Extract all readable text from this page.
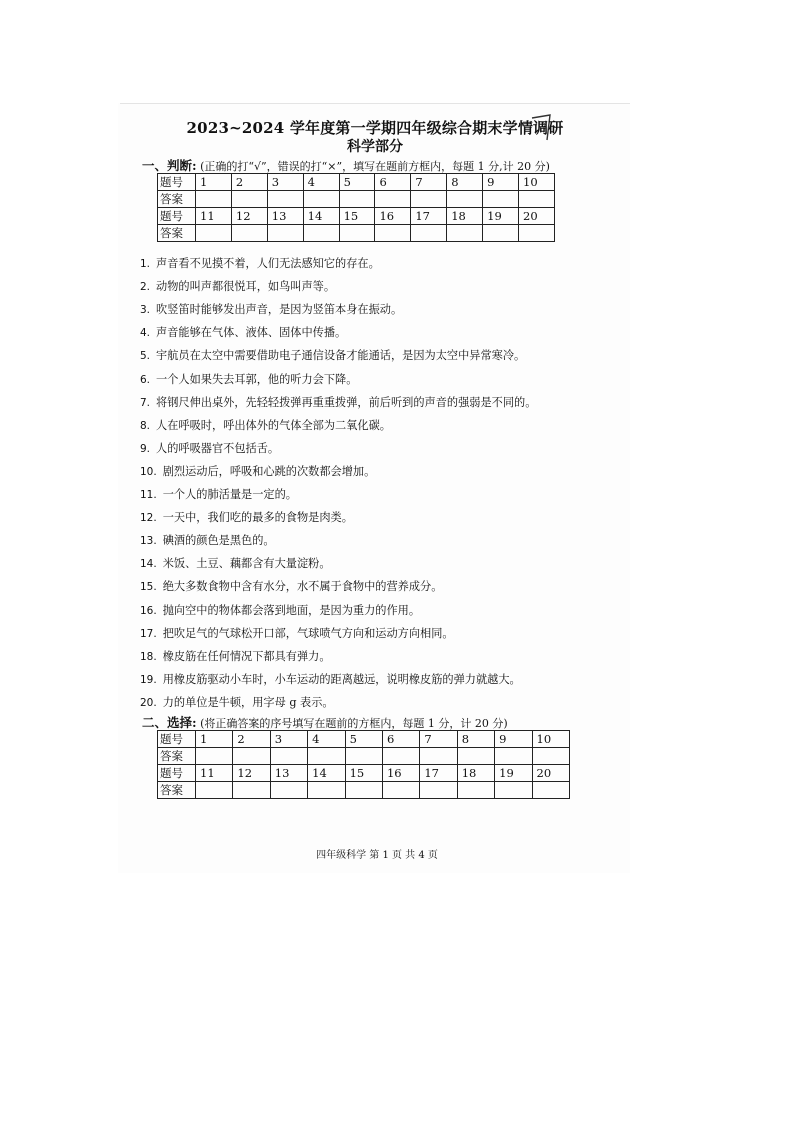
2023~2024 学年度第一学期四年级综合期末学情调研
科学部分
一、判断: (正确的打“√”，错误的打“×”，填写在题前方框内，每题 1 分,计 20 分)
题号	1	2	3	4	5	6	7	8	9	10
答案										
题号	11	12	13	14	15	16	17	18	19	20
答案										
1. 声音看不见摸不着，人们无法感知它的存在。
2. 动物的叫声都很悦耳，如鸟叫声等。
3. 吹竖笛时能够发出声音，是因为竖笛本身在振动。
4. 声音能够在气体、液体、固体中传播。
5. 宇航员在太空中需要借助电子通信设备才能通话，是因为太空中异常寒冷。
6. 一个人如果失去耳郭，他的听力会下降。
7. 将钢尺伸出桌外，先轻轻拨弹再重重拨弹，前后听到的声音的强弱是不同的。
8. 人在呼吸时，呼出体外的气体全部为二氧化碳。
9. 人的呼吸器官不包括舌。
10. 剧烈运动后，呼吸和心跳的次数都会增加。
11. 一个人的肺活量是一定的。
12. 一天中，我们吃的最多的食物是肉类。
13. 碘酒的颜色是黑色的。
14. 米饭、土豆、藕都含有大量淀粉。
15. 绝大多数食物中含有水分，水不属于食物中的营养成分。
16. 抛向空中的物体都会落到地面，是因为重力的作用。
17. 把吹足气的气球松开口部，气球喷气方向和运动方向相同。
18. 橡皮筋在任何情况下都具有弹力。
19. 用橡皮筋驱动小车时，小车运动的距离越远，说明橡皮筋的弹力就越大。
20. 力的单位是牛顿，用字母 g 表示。
二、选择: (将正确答案的序号填写在题前的方框内，每题 1 分，计 20 分)
题号	1	2	3	4	5	6	7	8	9	10
答案										
题号	11	12	13	14	15	16	17	18	19	20
答案										
四年级科学 第 1 页 共 4 页
